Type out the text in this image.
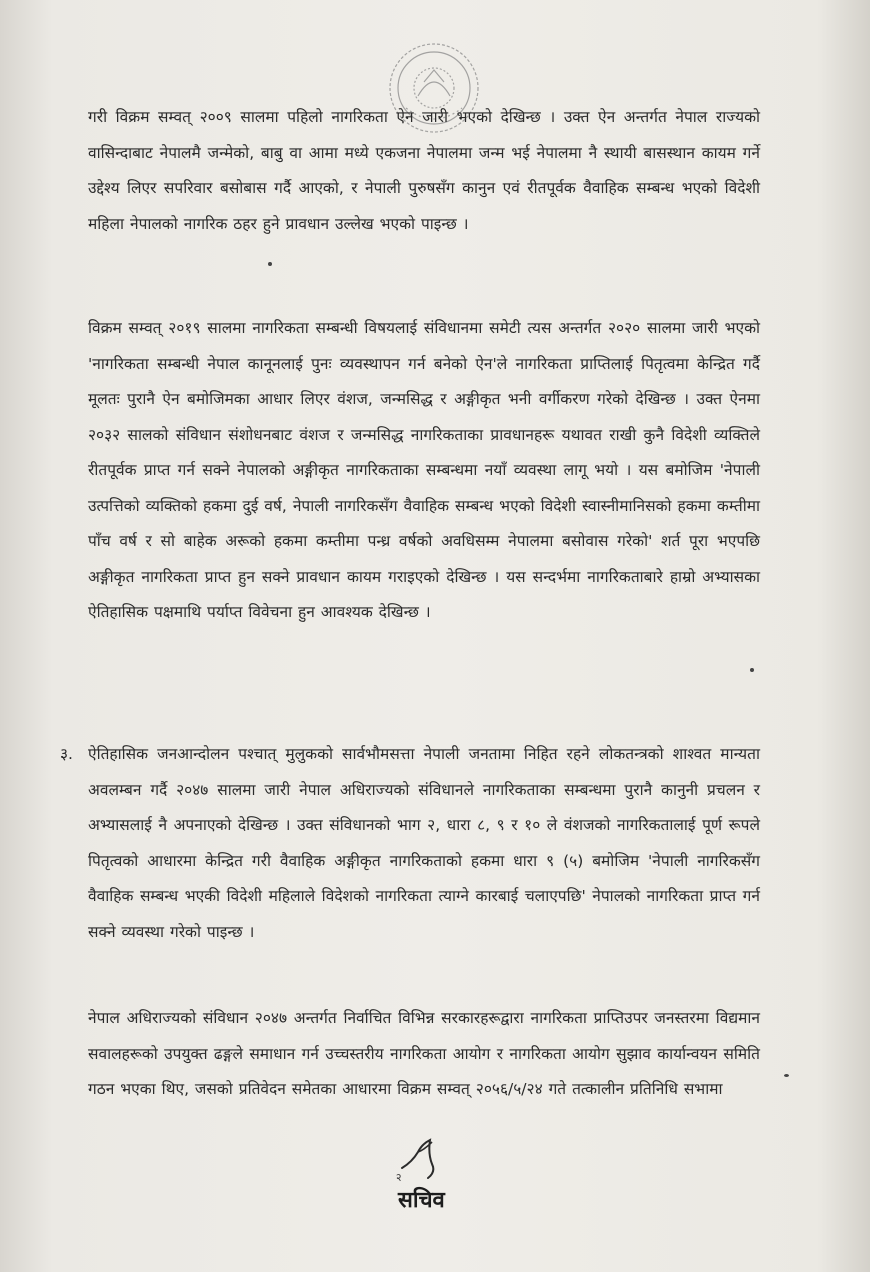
गरी विक्रम सम्वत् २००९ सालमा पहिलो नागरिकता ऐन जारी भएको देखिन्छ । उक्त ऐन अन्तर्गत नेपाल राज्यको वासिन्दाबाट नेपालमै जन्मेको, बाबु वा आमा मध्ये एकजना नेपालमा जन्म भई नेपालमा नै स्थायी बासस्थान कायम गर्ने उद्देश्य लिएर सपरिवार बसोबास गर्दै आएको, र नेपाली पुरुषसँग कानुन एवं रीतपूर्वक वैवाहिक सम्बन्ध भएको विदेशी महिला नेपालको नागरिक ठहर हुने प्रावधान उल्लेख भएको पाइन्छ ।
विक्रम सम्वत् २०१९ सालमा नागरिकता सम्बन्धी विषयलाई संविधानमा समेटी त्यस अन्तर्गत २०२० सालमा जारी भएको 'नागरिकता सम्बन्धी नेपाल कानूनलाई पुनः व्यवस्थापन गर्न बनेको ऐन'ले नागरिकता प्राप्तिलाई पितृत्वमा केन्द्रित गर्दै मूलतः पुरानै ऐन बमोजिमका आधार लिएर वंशज, जन्मसिद्ध र अङ्गीकृत भनी वर्गीकरण गरेको देखिन्छ । उक्त ऐनमा २०३२ सालको संविधान संशोधनबाट वंशज र जन्मसिद्ध नागरिकताका प्रावधानहरू यथावत राखी कुनै विदेशी व्यक्तिले रीतपूर्वक प्राप्त गर्न सक्ने नेपालको अङ्गीकृत नागरिकताका सम्बन्धमा नयाँ व्यवस्था लागू भयो । यस बमोजिम 'नेपाली उत्पत्तिको व्यक्तिको हकमा दुई वर्ष, नेपाली नागरिकसँग वैवाहिक सम्बन्ध भएको विदेशी स्वास्नीमानिसको हकमा कम्तीमा पाँच वर्ष र सो बाहेक अरूको हकमा कम्तीमा पन्ध्र वर्षको अवधिसम्म नेपालमा बसोवास गरेको' शर्त पूरा भएपछि अङ्गीकृत नागरिकता प्राप्त हुन सक्ने प्रावधान कायम गराइएको देखिन्छ । यस सन्दर्भमा नागरिकताबारे हाम्रो अभ्यासका ऐतिहासिक पक्षमाथि पर्याप्त विवेचना हुन आवश्यक देखिन्छ ।
३. ऐतिहासिक जनआन्दोलन पश्चात् मुलुकको सार्वभौमसत्ता नेपाली जनतामा निहित रहने लोकतन्त्रको शाश्वत मान्यता अवलम्बन गर्दै २०४७ सालमा जारी नेपाल अधिराज्यको संविधानले नागरिकताका सम्बन्धमा पुरानै कानुनी प्रचलन र अभ्यासलाई नै अपनाएको देखिन्छ । उक्त संविधानको भाग २, धारा ८, ९ र १० ले वंशजको नागरिकतालाई पूर्ण रूपले पितृत्वको आधारमा केन्द्रित गरी वैवाहिक अङ्गीकृत नागरिकताको हकमा धारा ९ (५) बमोजिम 'नेपाली नागरिकसँग वैवाहिक सम्बन्ध भएकी विदेशी महिलाले विदेशको नागरिकता त्याग्ने कारबाई चलाएपछि' नेपालको नागरिकता प्राप्त गर्न सक्ने व्यवस्था गरेको पाइन्छ ।
नेपाल अधिराज्यको संविधान २०४७ अन्तर्गत निर्वाचित विभिन्न सरकारहरूद्वारा नागरिकता प्राप्तिउपर जनस्तरमा विद्यमान सवालहरूको उपयुक्त ढङ्गले समाधान गर्न उच्चस्तरीय नागरिकता आयोग र नागरिकता आयोग सुझाव कार्यान्वयन समिति गठन भएका थिए, जसको प्रतिवेदन समेतका आधारमा विक्रम सम्वत् २०५६/५/२४ गते तत्कालीन प्रतिनिधि सभामा
२
सचिव
